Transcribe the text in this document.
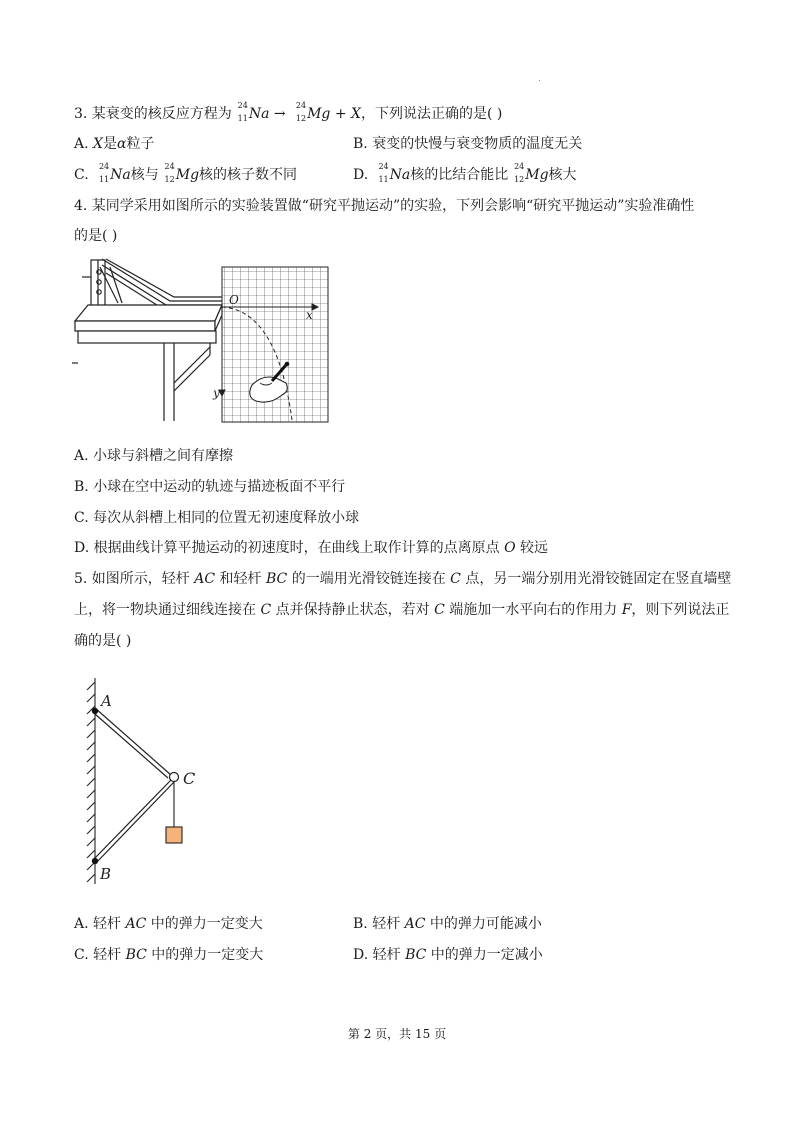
.
3. 某衰变的核反应方程为
24
11 Na →
24
12 Mg + X，下列说法正确的是( )
A. X是α粒子	B. 衰变的快慢与衰变物质的温度无关
C.
24
11 Na核与
24
12 Mg核的核子数不同	D.
24
11 Na核的比结合能比
24
12 Mg核大
4. 某同学采用如图所示的实验装置做“研究平抛运动”的实验，下列会影响“研究平抛运动”实验准确性
的是( )
O
x
y
A. 小球与斜槽之间有摩擦
B. 小球在空中运动的轨迹与描迹板面不平行
C. 每次从斜槽上相同的位置无初速度释放小球
D. 根据曲线计算平抛运动的初速度时，在曲线上取作计算的点离原点 O 较远
5. 如图所示，轻杆 AC 和轻杆 BC 的一端用光滑铰链连接在 C 点，另一端分别用光滑铰链固定在竖直墙壁
上，将一物块通过细线连接在 C 点并保持静止状态，若对 C 端施加一水平向右的作用力 F，则下列说法正
确的是( )
A
B
C
A. 轻杆 AC 中的弹力一定变大	B. 轻杆 AC 中的弹力可能减小
C. 轻杆 BC 中的弹力一定变大	D. 轻杆 BC 中的弹力一定减小
第 2 页，共 15 页
